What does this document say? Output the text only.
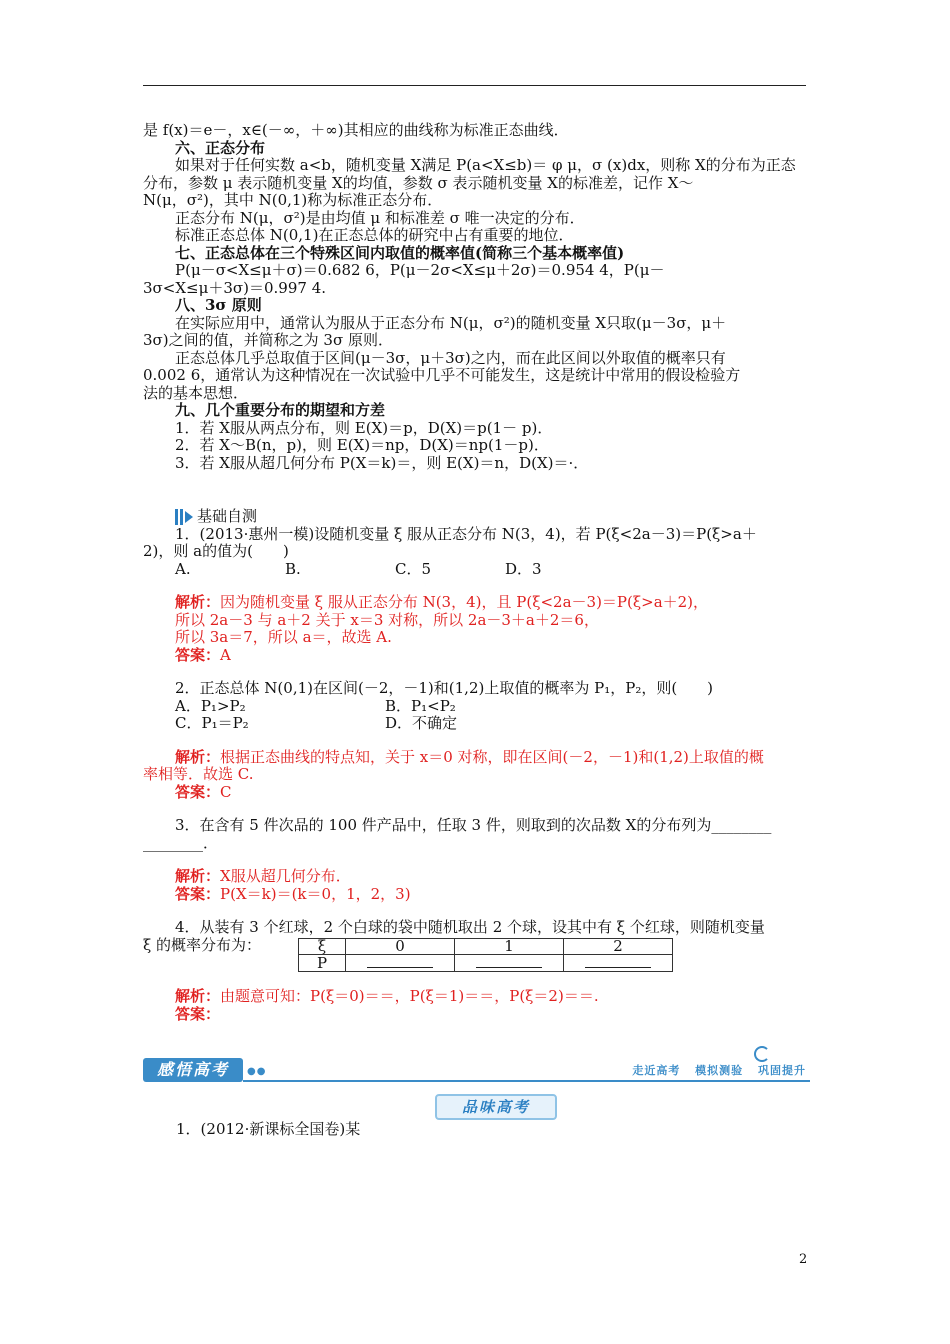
是 f(x)＝e－，x∈(－∞，＋∞)其相应的曲线称为标准正态曲线．
六、正态分布
如果对于任何实数 a<b，随机变量 X满足 P(a<X≤b)＝ φ μ，σ (x)dx，则称 X的分布为正态
分布，参数 μ 表示随机变量 X的均值，参数 σ 表示随机变量 X的标准差，记作 X～
N(μ，σ²)，其中 N(0,1)称为标准正态分布．
正态分布 N(μ，σ²)是由均值 μ 和标准差 σ 唯一决定的分布．
标准正态总体 N(0,1)在正态总体的研究中占有重要的地位．
七、正态总体在三个特殊区间内取值的概率值(简称三个基本概率值)
P(μ－σ<X≤μ＋σ)＝0.682 6，P(μ－2σ<X≤μ＋2σ)＝0.954 4，P(μ－
3σ<X≤μ＋3σ)＝0.997 4.
八、3σ 原则
在实际应用中，通常认为服从于正态分布 N(μ，σ²)的随机变量 X只取(μ－3σ，μ＋
3σ)之间的值，并简称之为 3σ 原则．
正态总体几乎总取值于区间(μ－3σ，μ＋3σ)之内，而在此区间以外取值的概率只有
0.002 6，通常认为这种情况在一次试验中几乎不可能发生，这是统计中常用的假设检验方
法的基本思想．
九、几个重要分布的期望和方差
1．若 X服从两点分布，则 E(X)＝p，D(X)＝p(1－ p)．
2．若 X～B(n，p)，则 E(X)＝np，D(X)＝np(1－p)．
3．若 X服从超几何分布 P(X＝k)＝，则 E(X)＝n，D(X)＝·．
基础自测
1．(2013·惠州一模)设随机变量 ξ 服从正态分布 N(3，4)，若 P(ξ<2a－3)＝P(ξ>a＋
2)，则 a的值为(　　)
A.	B.	C．5	D．3
解析：因为随机变量 ξ 服从正态分布 N(3，4)，且 P(ξ<2a－3)＝P(ξ>a＋2)，
所以 2a－3 与 a＋2 关于 x＝3 对称，所以 2a－3＋a＋2＝6，
所以 3a＝7，所以 a＝，故选 A.
答案：A
2．正态总体 N(0,1)在区间(－2，－1)和(1,2)上取值的概率为 P₁，P₂，则(　　)
A．P₁>P₂	B．P₁<P₂
C．P₁＝P₂	D．不确定
解析：根据正态曲线的特点知，关于 x＝0 对称，即在区间(－2，－1)和(1,2)上取值的概
率相等．故选 C.
答案：C
3．在含有 5 件次品的 100 件产品中，任取 3 件，则取到的次品数 X的分布列为________
________．
解析：X服从超几何分布．
答案：P(X＝k)＝(k＝0，1，2，3)
4．从装有 3 个红球，2 个白球的袋中随机取出 2 个球，设其中有 ξ 个红球，则随机变量
ξ 的概率分布为：	ξ	0	1	2
P			
解析：由题意可知：P(ξ＝0)＝＝，P(ξ＝1)＝＝，P(ξ＝2)＝＝.
答案：
感悟高考	●●	走近高考 模拟测验 巩固提升
品味高考
1．(2012·新课标全国卷)某
2
